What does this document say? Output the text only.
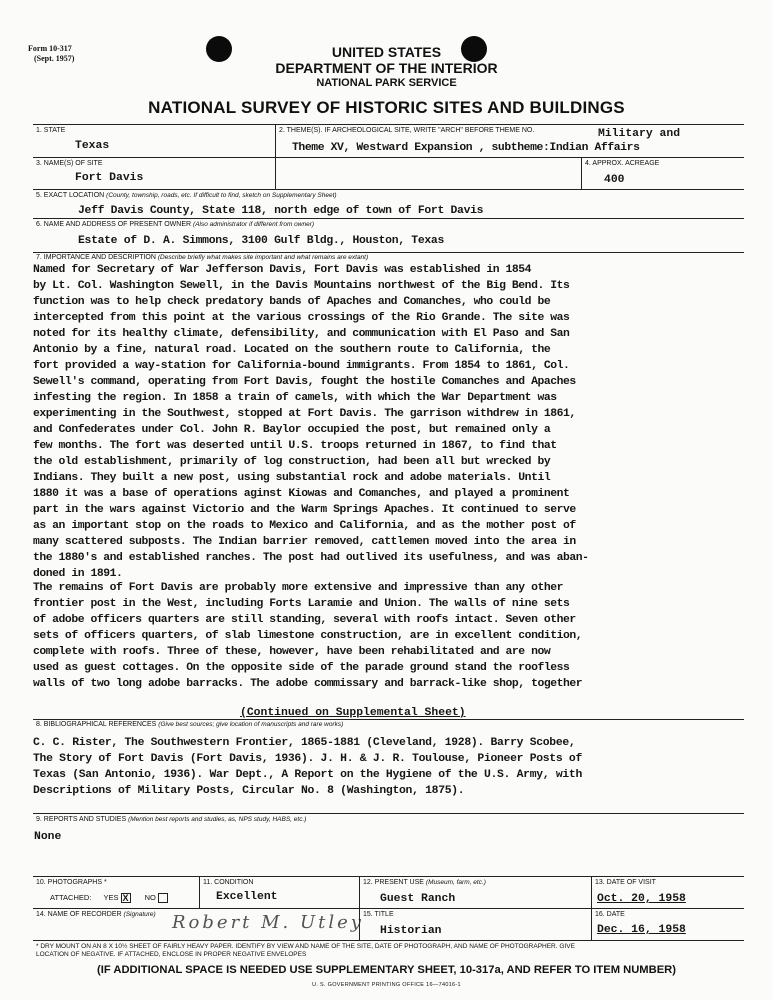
Form 10-317
(Sept. 1957)	UNITED STATES
DEPARTMENT OF THE INTERIOR
NATIONAL PARK SERVICE
NATIONAL SURVEY OF HISTORIC SITES AND BUILDINGS
1. STATE
Texas
2. THEME(S). IF ARCHEOLOGICAL SITE, WRITE "ARCH" BEFORE THEME NO.	Military and
Theme XV, Westward Expansion , subtheme:Indian Affairs
3. NAME(S) OF SITE
Fort Davis
4. APPROX. ACREAGE
400
5. EXACT LOCATION (County, township, roads, etc. If difficult to find, sketch on Supplementary Sheet)
Jeff Davis County, State 118, north edge of town of Fort Davis
6. NAME AND ADDRESS OF PRESENT OWNER (Also administrator if different from owner)
Estate of D. A. Simmons, 3100 Gulf Bldg., Houston, Texas
7. IMPORTANCE AND DESCRIPTION (Describe briefly what makes site important and what remains are extant)
Named for Secretary of War Jefferson Davis, Fort Davis was established in 1854
by Lt. Col. Washington Sewell, in the Davis Mountains northwest of the Big Bend. Its
function was to help check predatory bands of Apaches and Comanches, who could be
intercepted from this point at the various crossings of the Rio Grande. The site was
noted for its healthy climate, defensibility, and communication with El Paso and San
Antonio by a fine, natural road. Located on the southern route to California, the
fort provided a way-station for California-bound immigrants. From 1854 to 1861, Col.
Sewell's command, operating from Fort Davis, fought the hostile Comanches and Apaches
infesting the region. In 1858 a train of camels, with which the War Department was
experimenting in the Southwest, stopped at Fort Davis. The garrison withdrew in 1861,
and Confederates under Col. John R. Baylor occupied the post, but remained only a
few months. The fort was deserted until U.S. troops returned in 1867, to find that
the old establishment, primarily of log construction, had been all but wrecked by
Indians. They built a new post, using substantial rock and adobe materials. Until
1880 it was a base of operations aginst Kiowas and Comanches, and played a prominent
part in the wars against Victorio and the Warm Springs Apaches. It continued to serve
as an important stop on the roads to Mexico and California, and as the mother post of
many scattered subposts. The Indian barrier removed, cattlemen moved into the area in
the 1880's and established ranches. The post had outlived its usefulness, and was aban-
doned in 1891.
The remains of Fort Davis are probably more extensive and impressive than any other
frontier post in the West, including Forts Laramie and Union. The walls of nine sets
of adobe officers quarters are still standing, several with roofs intact. Seven other
sets of officers quarters, of slab limestone construction, are in excellent condition,
complete with roofs. Three of these, however, have been rehabilitated and are now
used as guest cottages. On the opposite side of the parade ground stand the roofless
walls of two long adobe barracks. The adobe commissary and barrack-like shop, together
(Continued on Supplemental Sheet)
8. BIBLIOGRAPHICAL REFERENCES (Give best sources; give location of manuscripts and rare works)
C. C. Rister, The Southwestern Frontier, 1865-1881 (Cleveland, 1928). Barry Scobee,
The Story of Fort Davis (Fort Davis, 1936). J. H. & J. R. Toulouse, Pioneer Posts of
Texas (San Antonio, 1936). War Dept., A Report on the Hygiene of the U.S. Army, with
Descriptions of Military Posts, Circular No. 8 (Washington, 1875).
9. REPORTS AND STUDIES (Mention best reports and studies, as, NPS study, HABS, etc.)
None
10. PHOTOGRAPHS *
ATTACHED: YES X NO
11. CONDITION
Excellent
12. PRESENT USE (Museum, farm, etc.)
Guest Ranch
13. DATE OF VISIT
Oct. 20, 1958
14. NAME OF RECORDER (Signature) Robert M. Utley 15. TITLE
Historian
16. DATE
Dec. 16, 1958
* DRY MOUNT ON AN 8 X 10½ SHEET OF FAIRLY HEAVY PAPER. IDENTIFY BY VIEW AND NAME OF THE SITE, DATE OF PHOTOGRAPH, AND NAME OF PHOTOGRAPHER. GIVE
LOCATION OF NEGATIVE. IF ATTACHED, ENCLOSE IN PROPER NEGATIVE ENVELOPES
(IF ADDITIONAL SPACE IS NEEDED USE SUPPLEMENTARY SHEET, 10-317a, AND REFER TO ITEM NUMBER)
U. S. GOVERNMENT PRINTING OFFICE 16—74016-1
